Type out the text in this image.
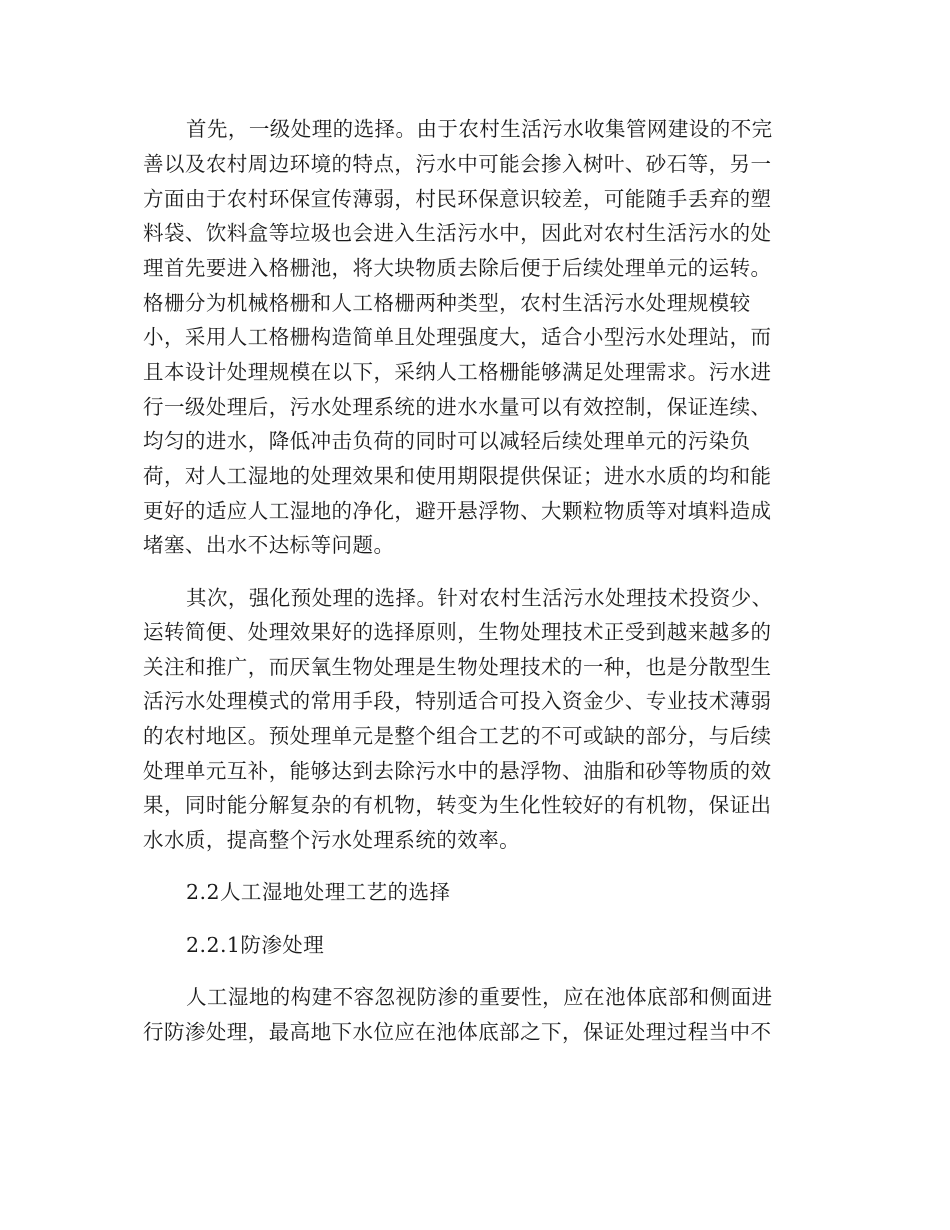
首先，一级处理的选择。由于农村生活污水收集管网建设的不完

善以及农村周边环境的特点，污水中可能会掺入树叶、砂石等，另一

方面由于农村环保宣传薄弱，村民环保意识较差，可能随手丢弃的塑

料袋、饮料盒等垃圾也会进入生活污水中，因此对农村生活污水的处

理首先要进入格栅池，将大块物质去除后便于后续处理单元的运转。

格栅分为机械格栅和人工格栅两种类型，农村生活污水处理规模较

小，采用人工格栅构造简单且处理强度大，适合小型污水处理站，而

且本设计处理规模在以下，采纳人工格栅能够满足处理需求。污水进

行一级处理后，污水处理系统的进水水量可以有效控制，保证连续、

均匀的进水，降低冲击负荷的同时可以减轻后续处理单元的污染负

荷，对人工湿地的处理效果和使用期限提供保证；进水水质的均和能

更好的适应人工湿地的净化，避开悬浮物、大颗粒物质等对填料造成

堵塞、出水不达标等问题。

其次，强化预处理的选择。针对农村生活污水处理技术投资少、

运转简便、处理效果好的选择原则，生物处理技术正受到越来越多的

关注和推广，而厌氧生物处理是生物处理技术的一种，也是分散型生

活污水处理模式的常用手段，特别适合可投入资金少、专业技术薄弱

的农村地区。预处理单元是整个组合工艺的不可或缺的部分，与后续

处理单元互补，能够达到去除污水中的悬浮物、油脂和砂等物质的效

果，同时能分解复杂的有机物，转变为生化性较好的有机物，保证出

水水质，提高整个污水处理系统的效率。

2.2人工湿地处理工艺的选择

2.2.1防渗处理

人工湿地的构建不容忽视防渗的重要性，应在池体底部和侧面进

行防渗处理，最高地下水位应在池体底部之下，保证处理过程当中不
